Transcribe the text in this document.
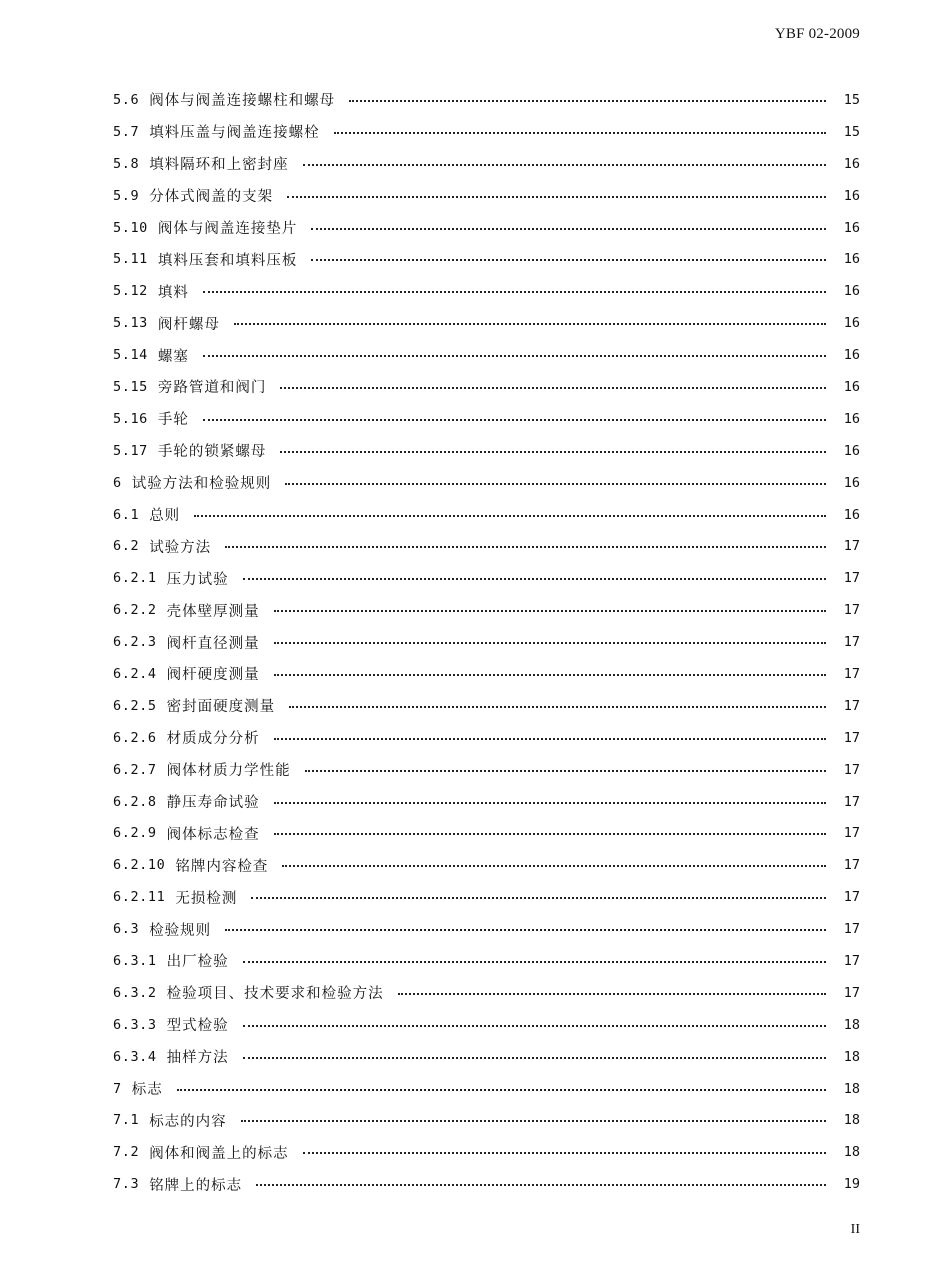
YBF 02-2009
5.6 阀体与阀盖连接螺柱和螺母	15
5.7 填料压盖与阀盖连接螺栓	15
5.8 填料隔环和上密封座	16
5.9 分体式阀盖的支架	16
5.10 阀体与阀盖连接垫片	16
5.11 填料压套和填料压板	16
5.12 填料	16
5.13 阀杆螺母	16
5.14 螺塞	16
5.15 旁路管道和阀门	16
5.16 手轮	16
5.17 手轮的锁紧螺母	16
6 试验方法和检验规则	16
6.1 总则	16
6.2 试验方法	17
6.2.1 压力试验	17
6.2.2 壳体壁厚测量	17
6.2.3 阀杆直径测量	17
6.2.4 阀杆硬度测量	17
6.2.5 密封面硬度测量	17
6.2.6 材质成分分析	17
6.2.7 阀体材质力学性能	17
6.2.8 静压寿命试验	17
6.2.9 阀体标志检查	17
6.2.10 铭牌内容检查	17
6.2.11 无损检测	17
6.3 检验规则	17
6.3.1 出厂检验	17
6.3.2 检验项目、技术要求和检验方法	17
6.3.3 型式检验	18
6.3.4 抽样方法	18
7 标志	18
7.1 标志的内容	18
7.2 阀体和阀盖上的标志	18
7.3 铭牌上的标志	19
II
